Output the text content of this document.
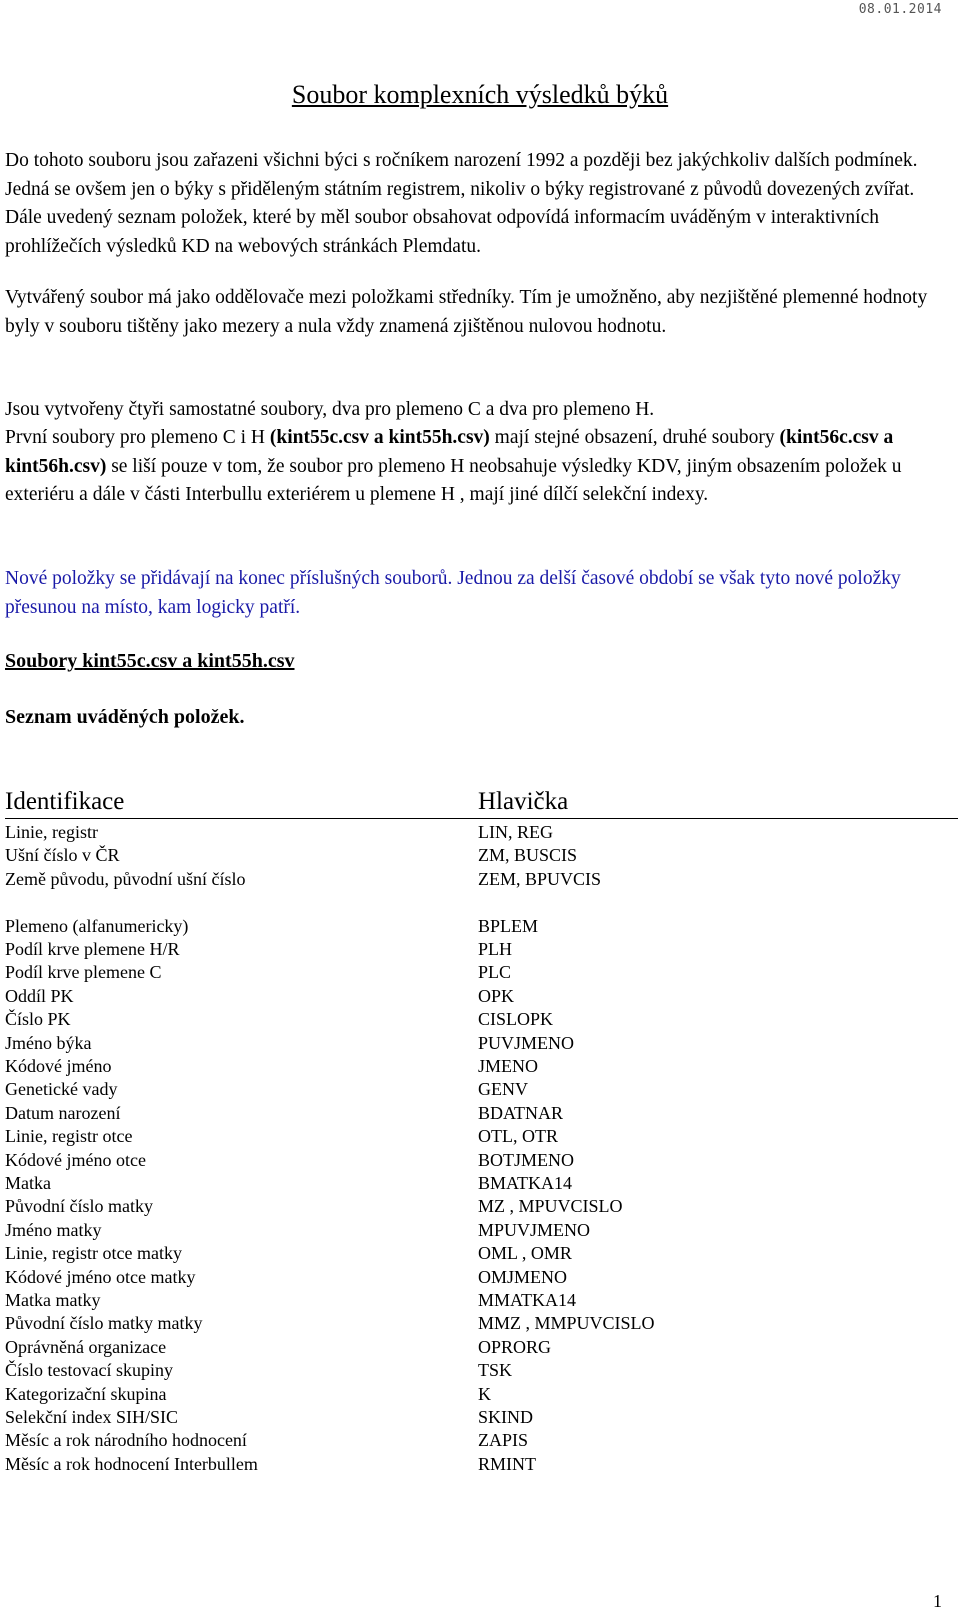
08.01.2014
Soubor komplexních výsledků býků

Do tohoto souboru jsou zařazeni všichni býci s ročníkem narození 1992 a později bez jakýchkoliv dalších podmínek. Jedná se ovšem jen o býky s přiděleným státním registrem, nikoliv o býky registrované z původů dovezených zvířat. Dále uvedený seznam položek, které by měl soubor obsahovat odpovídá informacím uváděným v interaktivních prohlížečích výsledků KD na webových stránkách Plemdatu.

Vytvářený soubor má jako oddělovače mezi položkami středníky. Tím je umožněno, aby nezjištěné plemenné hodnoty byly v souboru tištěny jako mezery a nula vždy znamená zjištěnou nulovou hodnotu.

Jsou vytvořeny čtyři samostatné soubory, dva pro plemeno C a dva pro plemeno H.

První soubory pro plemeno C i H (kint55c.csv a kint55h.csv) mají stejné obsazení, druhé soubory (kint56c.csv a kint56h.csv) se liší pouze v tom, že soubor pro plemeno H neobsahuje výsledky KDV, jiným obsazením položek u exteriéru a dále v části Interbullu exteriérem u plemene H , mají jiné dílčí selekční indexy.

Nové položky se přidávají na konec příslušných souborů. Jednou za delší časové období se však tyto nové položky přesunou na místo, kam logicky patří.

Soubory kint55c.csv a kint55h.csv
Seznam uváděných položek.
Identifikace	Hlavička
Linie, registr	LIN, REG
Ušní číslo v ČR	ZM, BUSCIS
Země původu, původní ušní číslo	ZEM, BPUVCIS
Plemeno (alfanumericky)	BPLEM
Podíl krve plemene H/R	PLH
Podíl krve plemene C	PLC
Oddíl PK	OPK
Číslo PK	CISLOPK
Jméno býka	PUVJMENO
Kódové jméno	JMENO
Genetické vady	GENV
Datum narození	BDATNAR
Linie, registr otce	OTL, OTR
Kódové jméno otce	BOTJMENO
Matka	BMATKA14
Původní číslo matky	MZ , MPUVCISLO
Jméno matky	MPUVJMENO
Linie, registr otce matky	OML , OMR
Kódové jméno otce matky	OMJMENO
Matka matky	MMATKA14
Původní číslo matky matky	MMZ , MMPUVCISLO
Oprávněná organizace	OPRORG
Číslo testovací skupiny	TSK
Kategorizační skupina	K
Selekční index SIH/SIC	SKIND
Měsíc a rok národního hodnocení	ZAPIS
Měsíc a rok hodnocení Interbullem	RMINT
1
